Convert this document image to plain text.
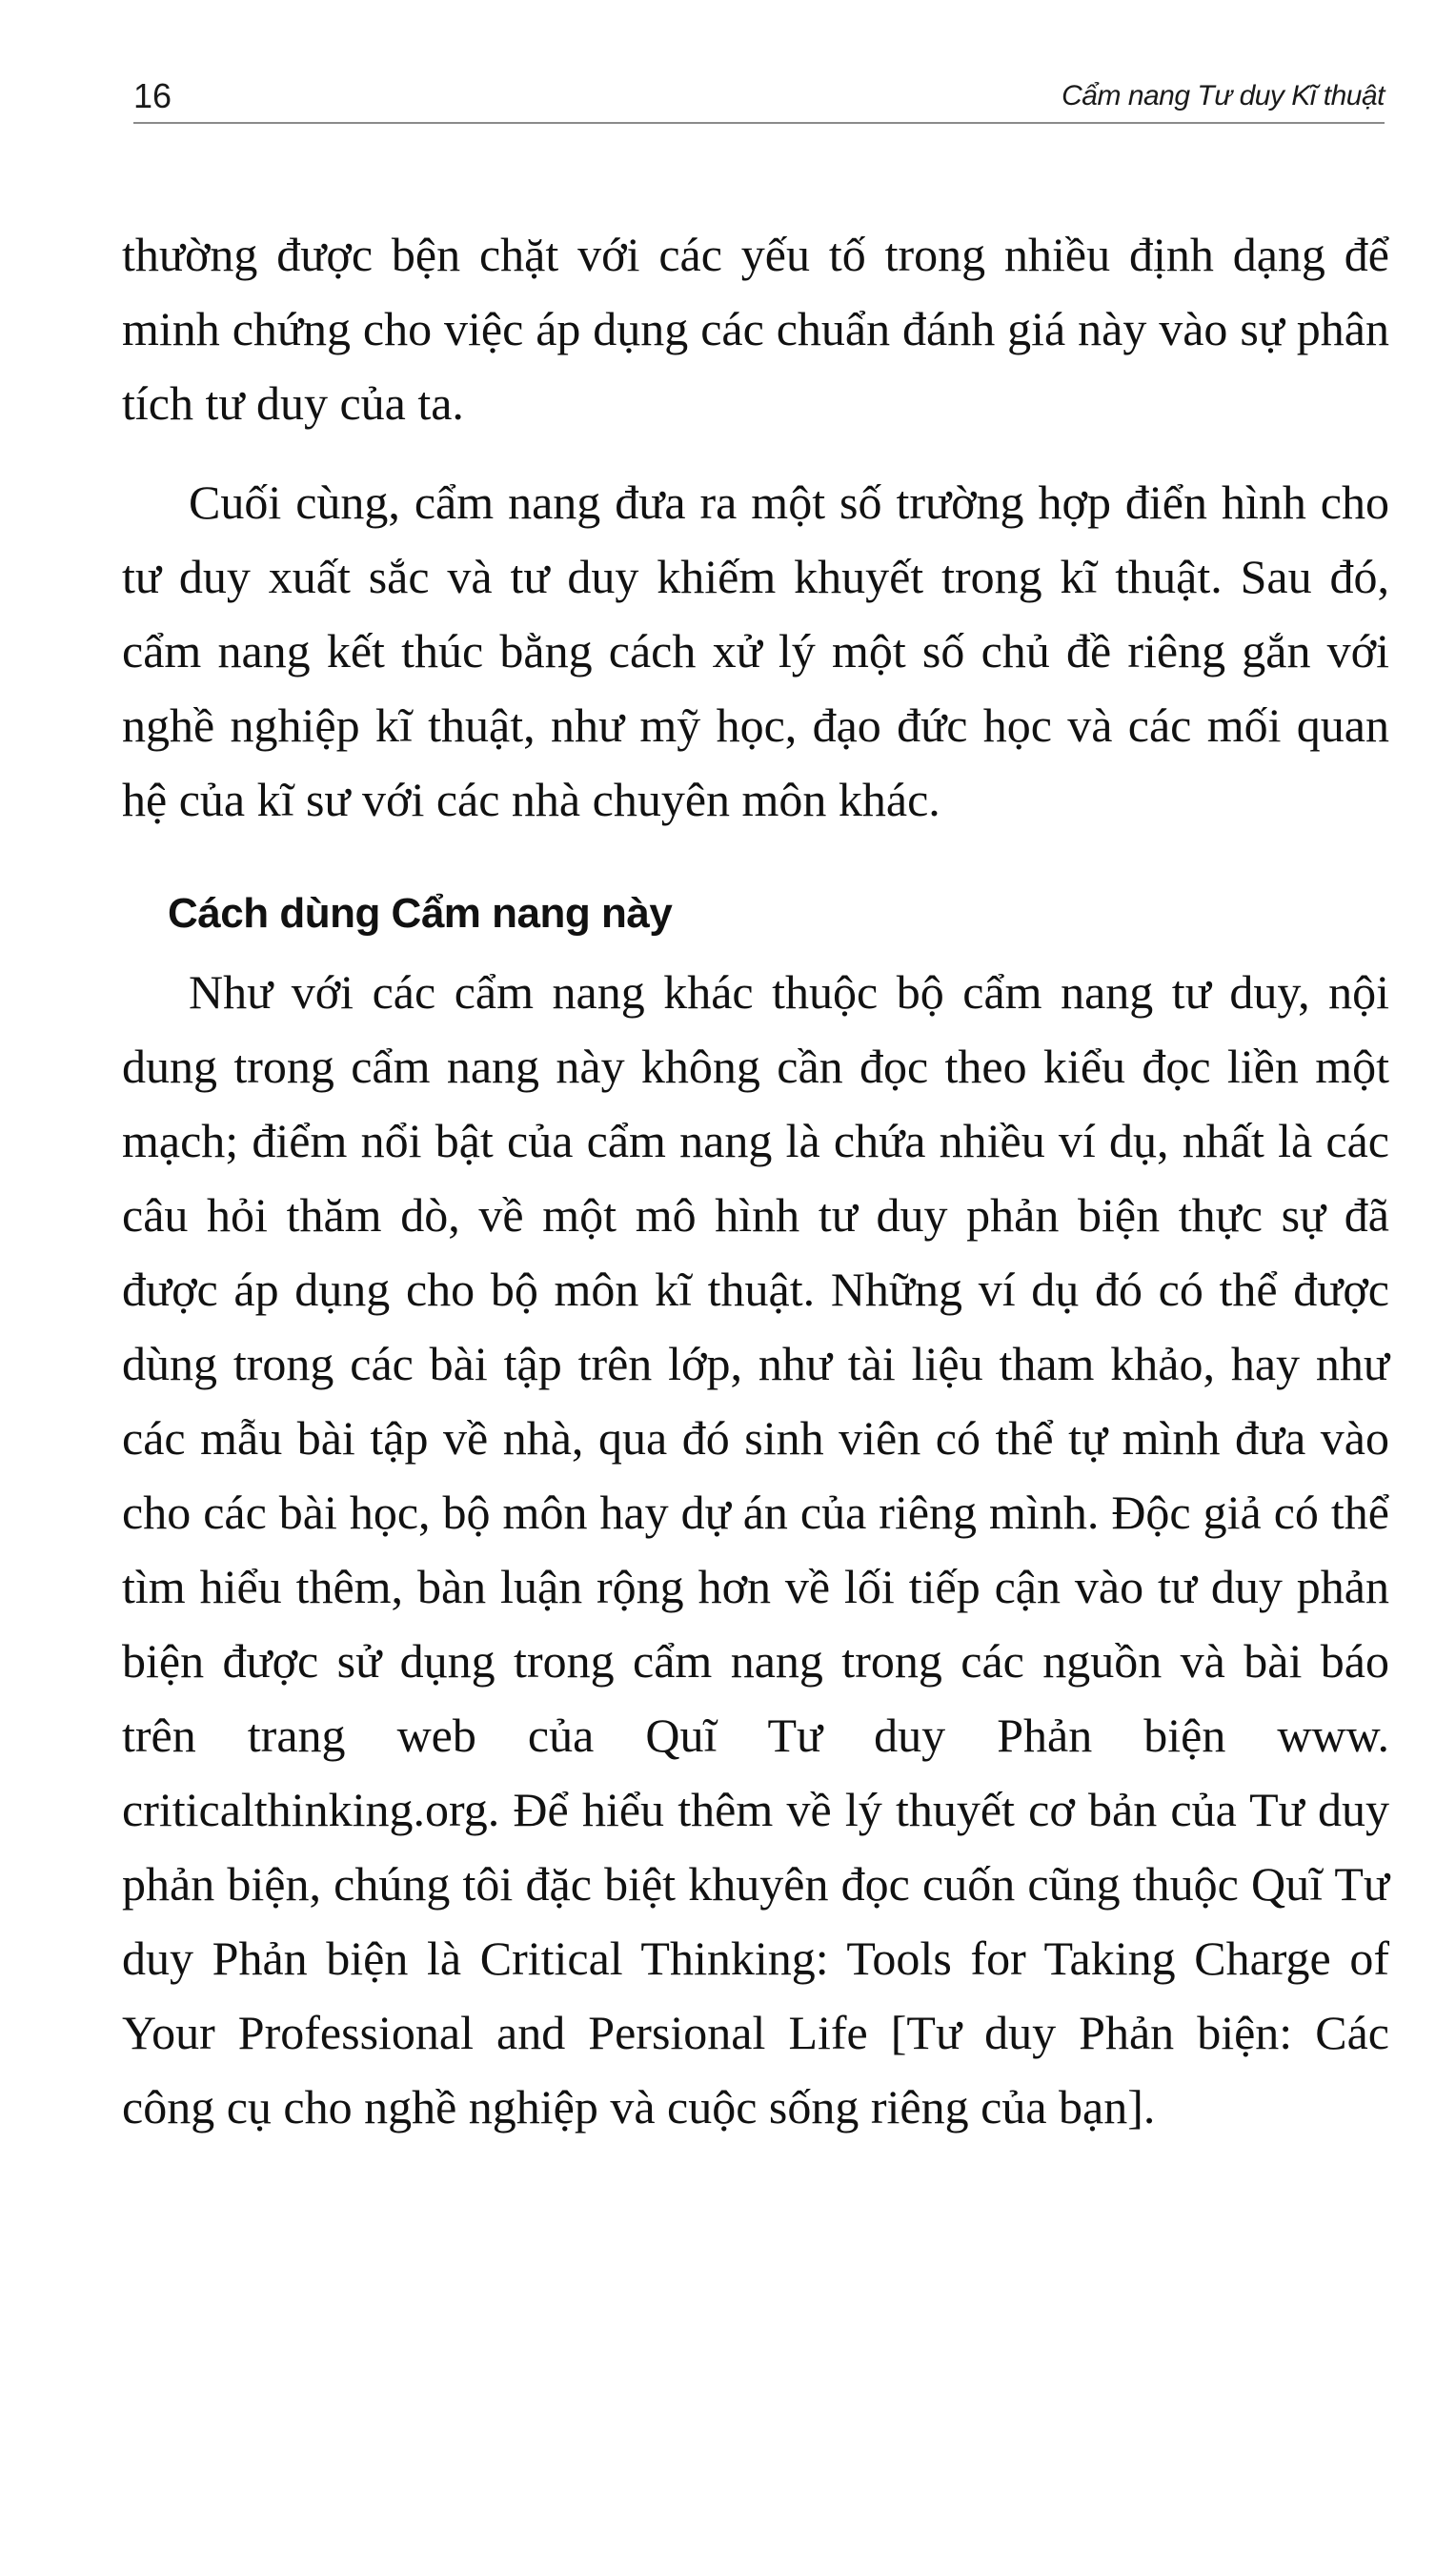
16	Cẩm nang Tư duy Kĩ thuật

thường được bện chặt với các yếu tố trong nhiều định dạng để minh chứng cho việc áp dụng các chuẩn đánh giá này vào sự phân tích tư duy của ta.

Cuối cùng, cẩm nang đưa ra một số trường hợp điển hình cho tư duy xuất sắc và tư duy khiếm khuyết trong kĩ thuật. Sau đó, cẩm nang kết thúc bằng cách xử lý một số chủ đề riêng gắn với nghề nghiệp kĩ thuật, như mỹ học, đạo đức học và các mối quan hệ của kĩ sư với các nhà chuyên môn khác.

Cách dùng Cẩm nang này

Như với các cẩm nang khác thuộc bộ cẩm nang tư duy, nội dung trong cẩm nang này không cần đọc theo kiểu đọc liền một mạch; điểm nổi bật của cẩm nang là chứa nhiều ví dụ, nhất là các câu hỏi thăm dò, về một mô hình tư duy phản biện thực sự đã được áp dụng cho bộ môn kĩ thuật. Những ví dụ đó có thể được dùng trong các bài tập trên lớp, như tài liệu tham khảo, hay như các mẫu bài tập về nhà, qua đó sinh viên có thể tự mình đưa vào cho các bài học, bộ môn hay dự án của riêng mình. Độc giả có thể tìm hiểu thêm, bàn luận rộng hơn về lối tiếp cận vào tư duy phản biện được sử dụng trong cẩm nang trong các nguồn và bài báo trên trang web của Quĩ Tư duy Phản biện www. criticalthinking.org. Để hiểu thêm về lý thuyết cơ bản của Tư duy phản biện, chúng tôi đặc biệt khuyên đọc cuốn cũng thuộc Quĩ Tư duy Phản biện là Critical Thinking: Tools for Taking Charge of Your Professional and Persional Life [Tư duy Phản biện: Các công cụ cho nghề nghiệp và cuộc sống riêng của bạn].
